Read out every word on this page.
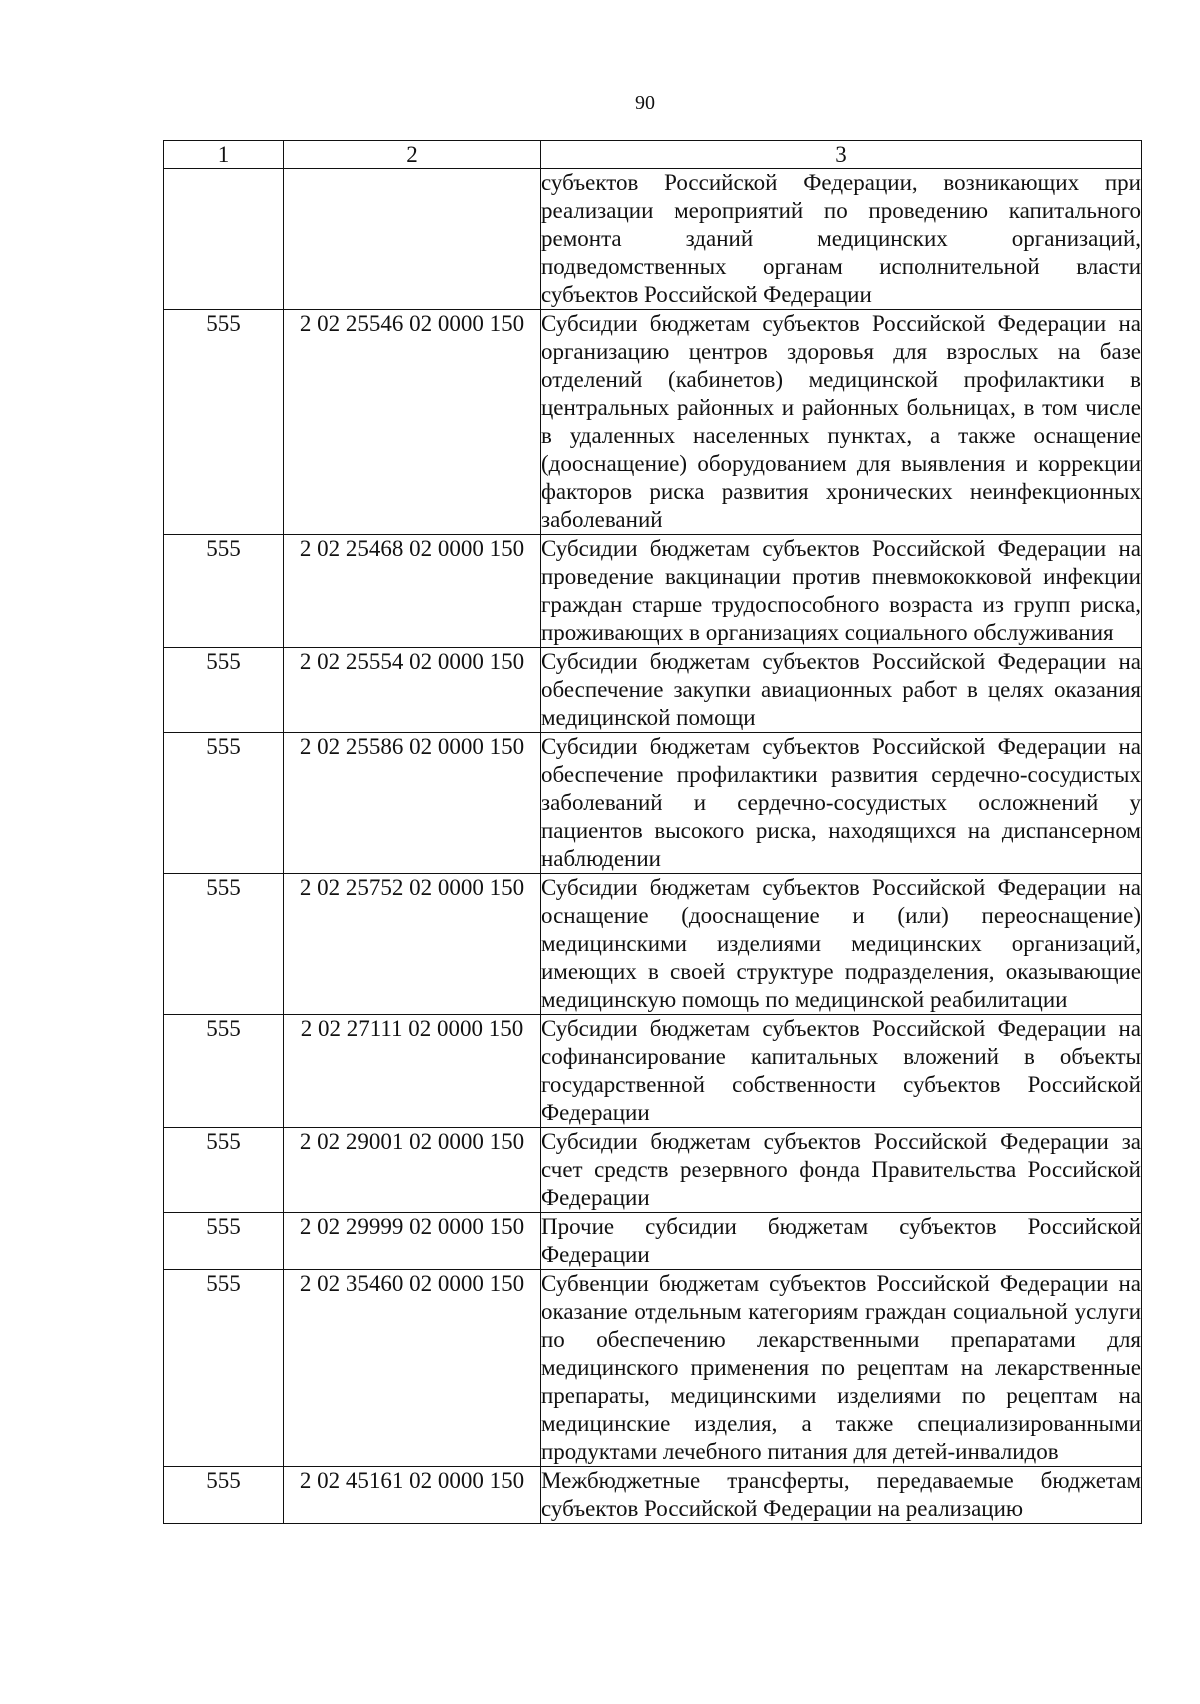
90
1	2	3

		субъектов Российской Федерации, возникающих при реализации мероприятий по проведению капитального ремонта зданий медицинских организаций, подведомственных органам исполнительной власти субъектов Российской Федерации

555	2 02 25546 02 0000 150	Субсидии бюджетам субъектов Российской Федерации на организацию центров здоровья для взрослых на базе отделений (кабинетов) медицинской профилактики в центральных районных и районных больницах, в том числе в удаленных населенных пунктах, а также оснащение (дооснащение) оборудованием для выявления и коррекции факторов риска развития хронических неинфекционных заболеваний

555	2 02 25468 02 0000 150	Субсидии бюджетам субъектов Российской Федерации на проведение вакцинации против пневмококковой инфекции граждан старше трудоспособного возраста из групп риска, проживающих в организациях социального обслуживания

555	2 02 25554 02 0000 150	Субсидии бюджетам субъектов Российской Федерации на обеспечение закупки авиационных работ в целях оказания медицинской помощи

555	2 02 25586 02 0000 150	Субсидии бюджетам субъектов Российской Федерации на обеспечение профилактики развития сердечно-сосудистых заболеваний и сердечно-сосудистых осложнений у пациентов высокого риска, находящихся на диспансерном наблюдении

555	2 02 25752 02 0000 150	Субсидии бюджетам субъектов Российской Федерации на оснащение (дооснащение и (или) переоснащение) медицинскими изделиями медицинских организаций, имеющих в своей структуре подразделения, оказывающие медицинскую помощь по медицинской реабилитации

555	2 02 27111 02 0000 150	Субсидии бюджетам субъектов Российской Федерации на софинансирование капитальных вложений в объекты государственной собственности субъектов Российской Федерации

555	2 02 29001 02 0000 150	Субсидии бюджетам субъектов Российской Федерации за счет средств резервного фонда Правительства Российской Федерации

555	2 02 29999 02 0000 150	Прочие субсидии бюджетам субъектов Российской Федерации

555	2 02 35460 02 0000 150	Субвенции бюджетам субъектов Российской Федерации на оказание отдельным категориям граждан социальной услуги по обеспечению лекарственными препаратами для медицинского применения по рецептам на лекарственные препараты, медицинскими изделиями по рецептам на медицинские изделия, а также специализированными продуктами лечебного питания для детей-инвалидов

555	2 02 45161 02 0000 150	Межбюджетные трансферты, передаваемые бюджетам субъектов Российской Федерации на реализацию
